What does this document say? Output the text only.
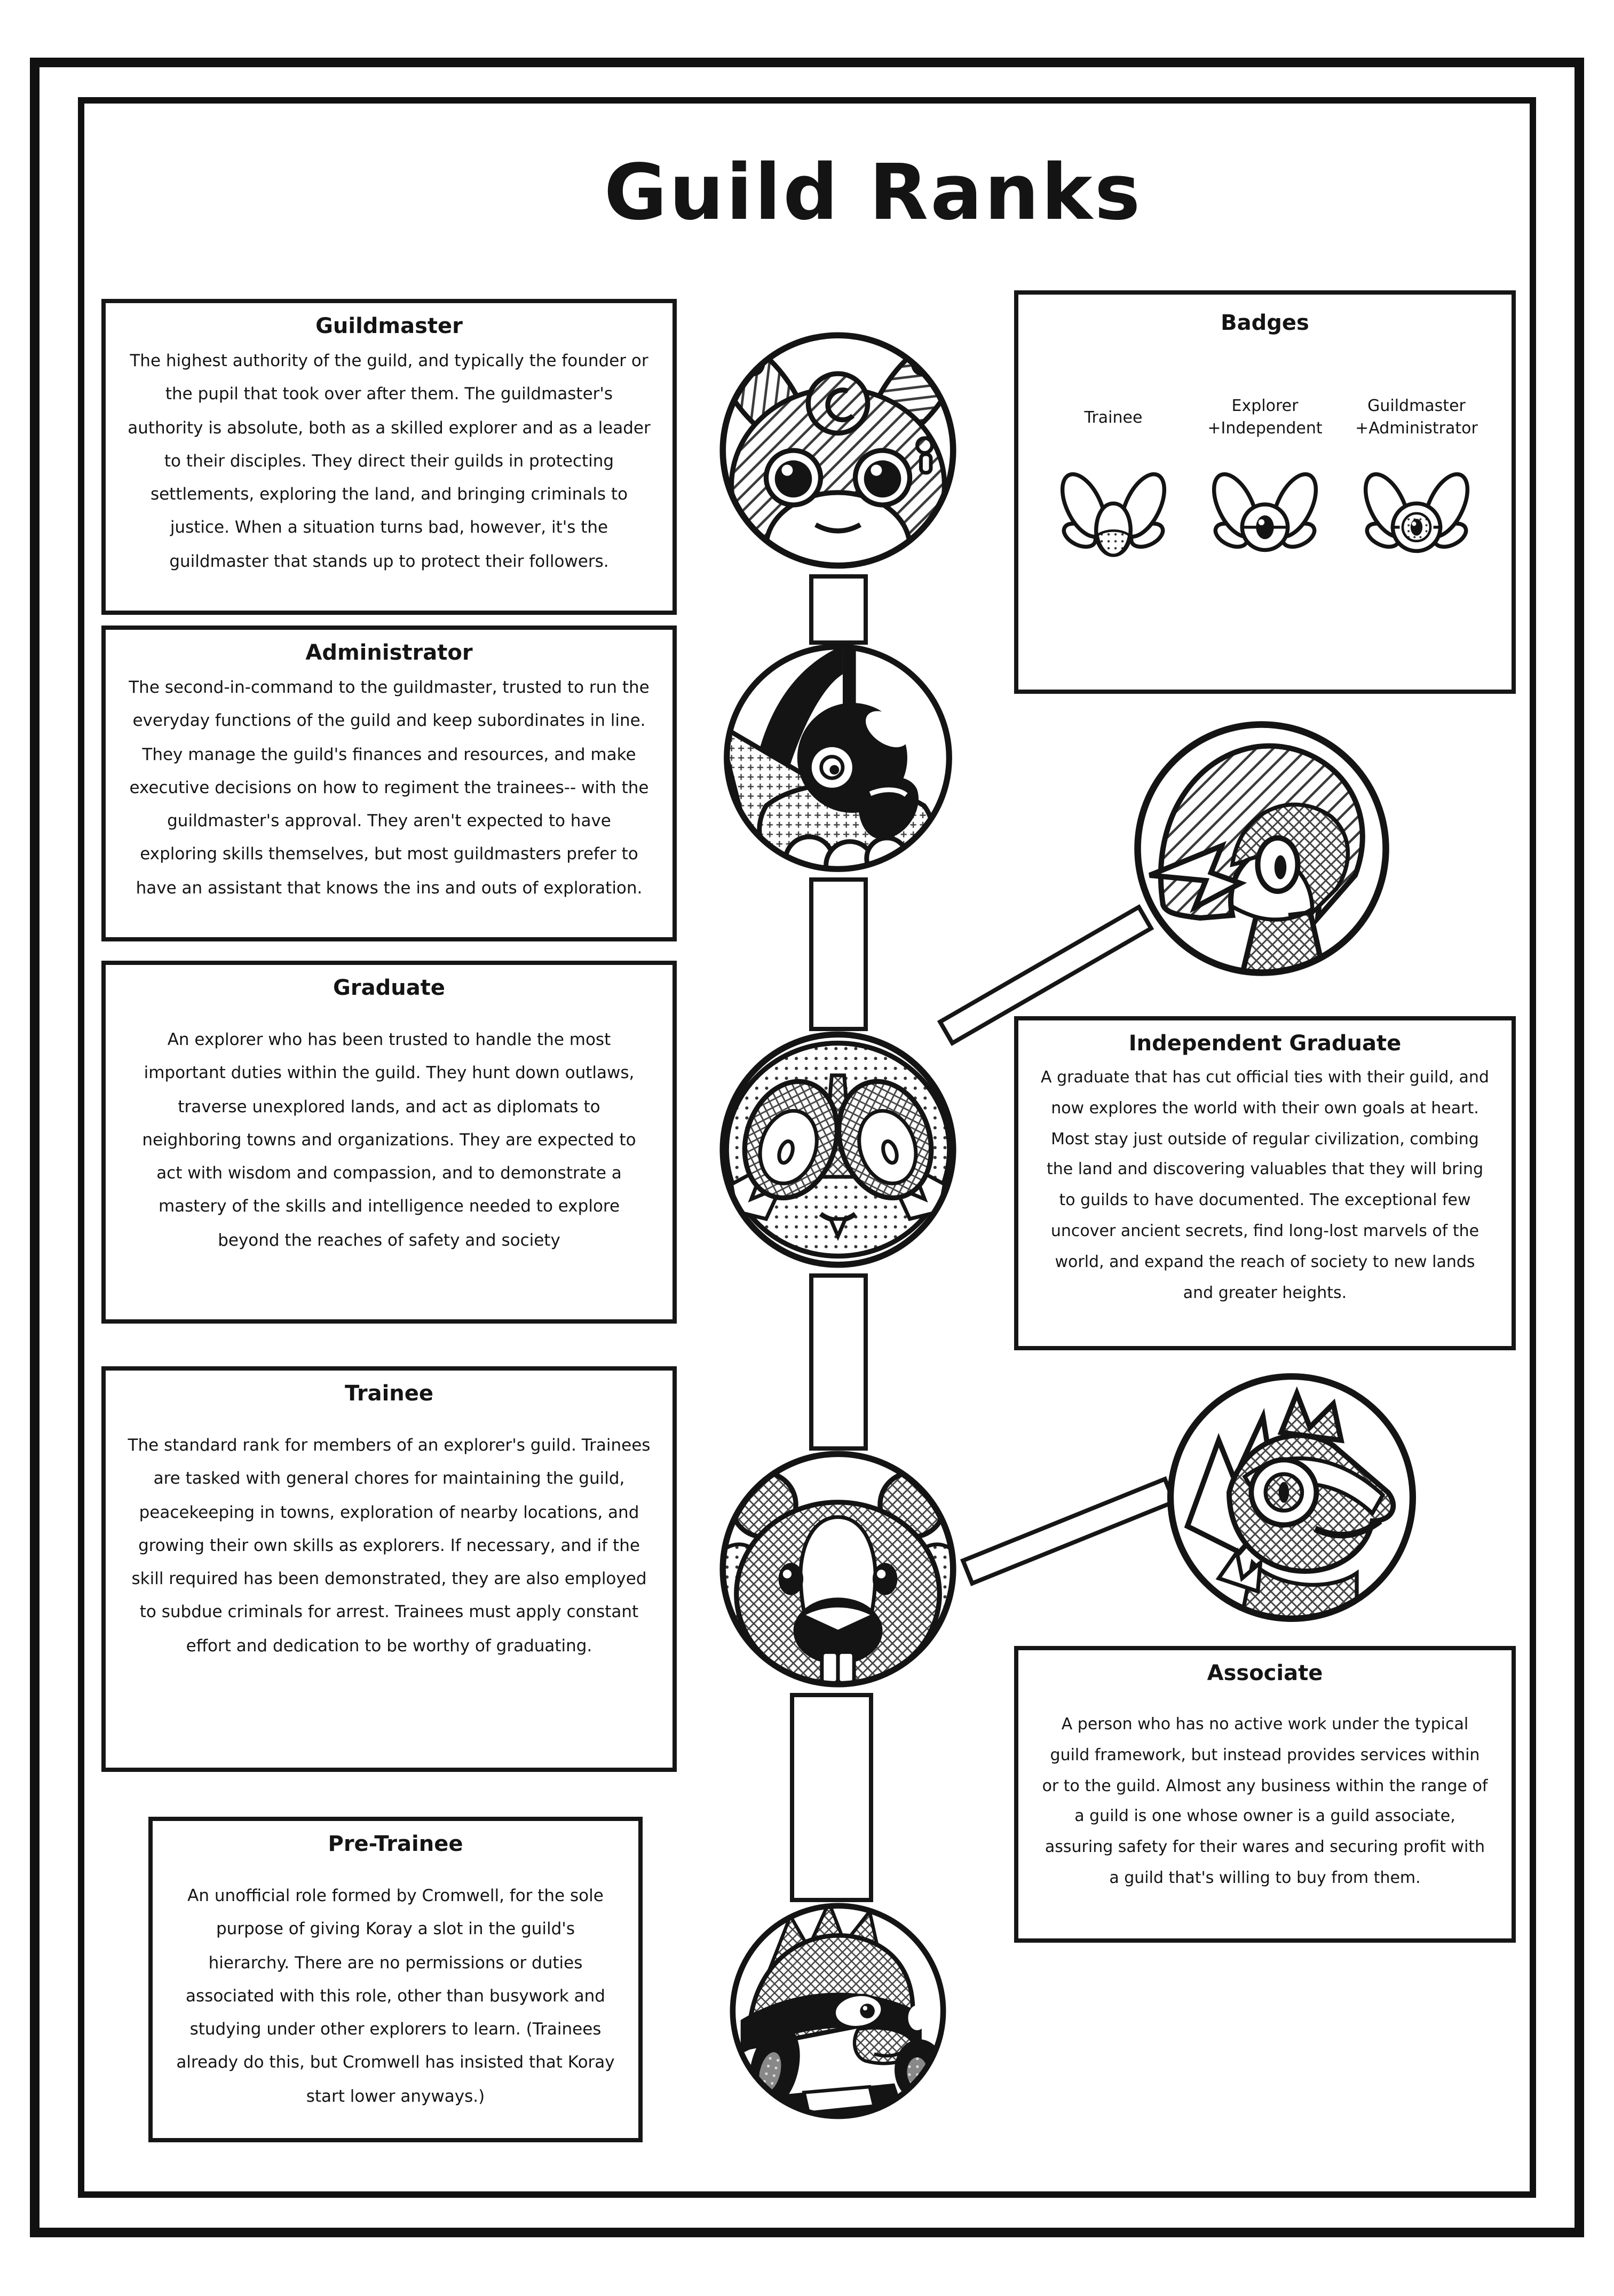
Guild Ranks
Guildmaster
The highest authority of the guild, and typically the founder or the pupil that took over after them. The guildmaster's authority is absolute, both as a skilled explorer and as a leader to their disciples. They direct their guilds in protecting settlements, exploring the land, and bringing criminals to justice. When a situation turns bad, however, it's the guildmaster that stands up to protect their followers.
Administrator
The second-in-command to the guildmaster, trusted to run the everyday functions of the guild and keep subordinates in line. They manage the guild's finances and resources, and make executive decisions on how to regiment the trainees-- with the guildmaster's approval. They aren't expected to have exploring skills themselves, but most guildmasters prefer to have an assistant that knows the ins and outs of exploration.
Graduate
An explorer who has been trusted to handle the most important duties within the guild. They hunt down outlaws, traverse unexplored lands, and act as diplomats to neighboring towns and organizations. They are expected to act with wisdom and compassion, and to demonstrate a mastery of the skills and intelligence needed to explore beyond the reaches of safety and society
Trainee
The standard rank for members of an explorer's guild. Trainees are tasked with general chores for maintaining the guild, peacekeeping in towns, exploration of nearby locations, and growing their own skills as explorers. If necessary, and if the skill required has been demonstrated, they are also employed to subdue criminals for arrest. Trainees must apply constant effort and dedication to be worthy of graduating.
Pre-Trainee
An unofficial role formed by Cromwell, for the sole purpose of giving Koray a slot in the guild's hierarchy. There are no permissions or duties associated with this role, other than busywork and studying under other explorers to learn. (Trainees already do this, but Cromwell has insisted that Koray start lower anyways.)
Badges
Trainee
Explorer
+Independent
Guildmaster
+Administrator
Independent Graduate
A graduate that has cut official ties with their guild, and now explores the world with their own goals at heart. Most stay just outside of regular civilization, combing the land and discovering valuables that they will bring to guilds to have documented. The exceptional few uncover ancient secrets, find long-lost marvels of the world, and expand the reach of society to new lands and greater heights.
Associate
A person who has no active work under the typical guild framework, but instead provides services within or to the guild. Almost any business within the range of a guild is one whose owner is a guild associate, assuring safety for their wares and securing profit with a guild that's willing to buy from them.
